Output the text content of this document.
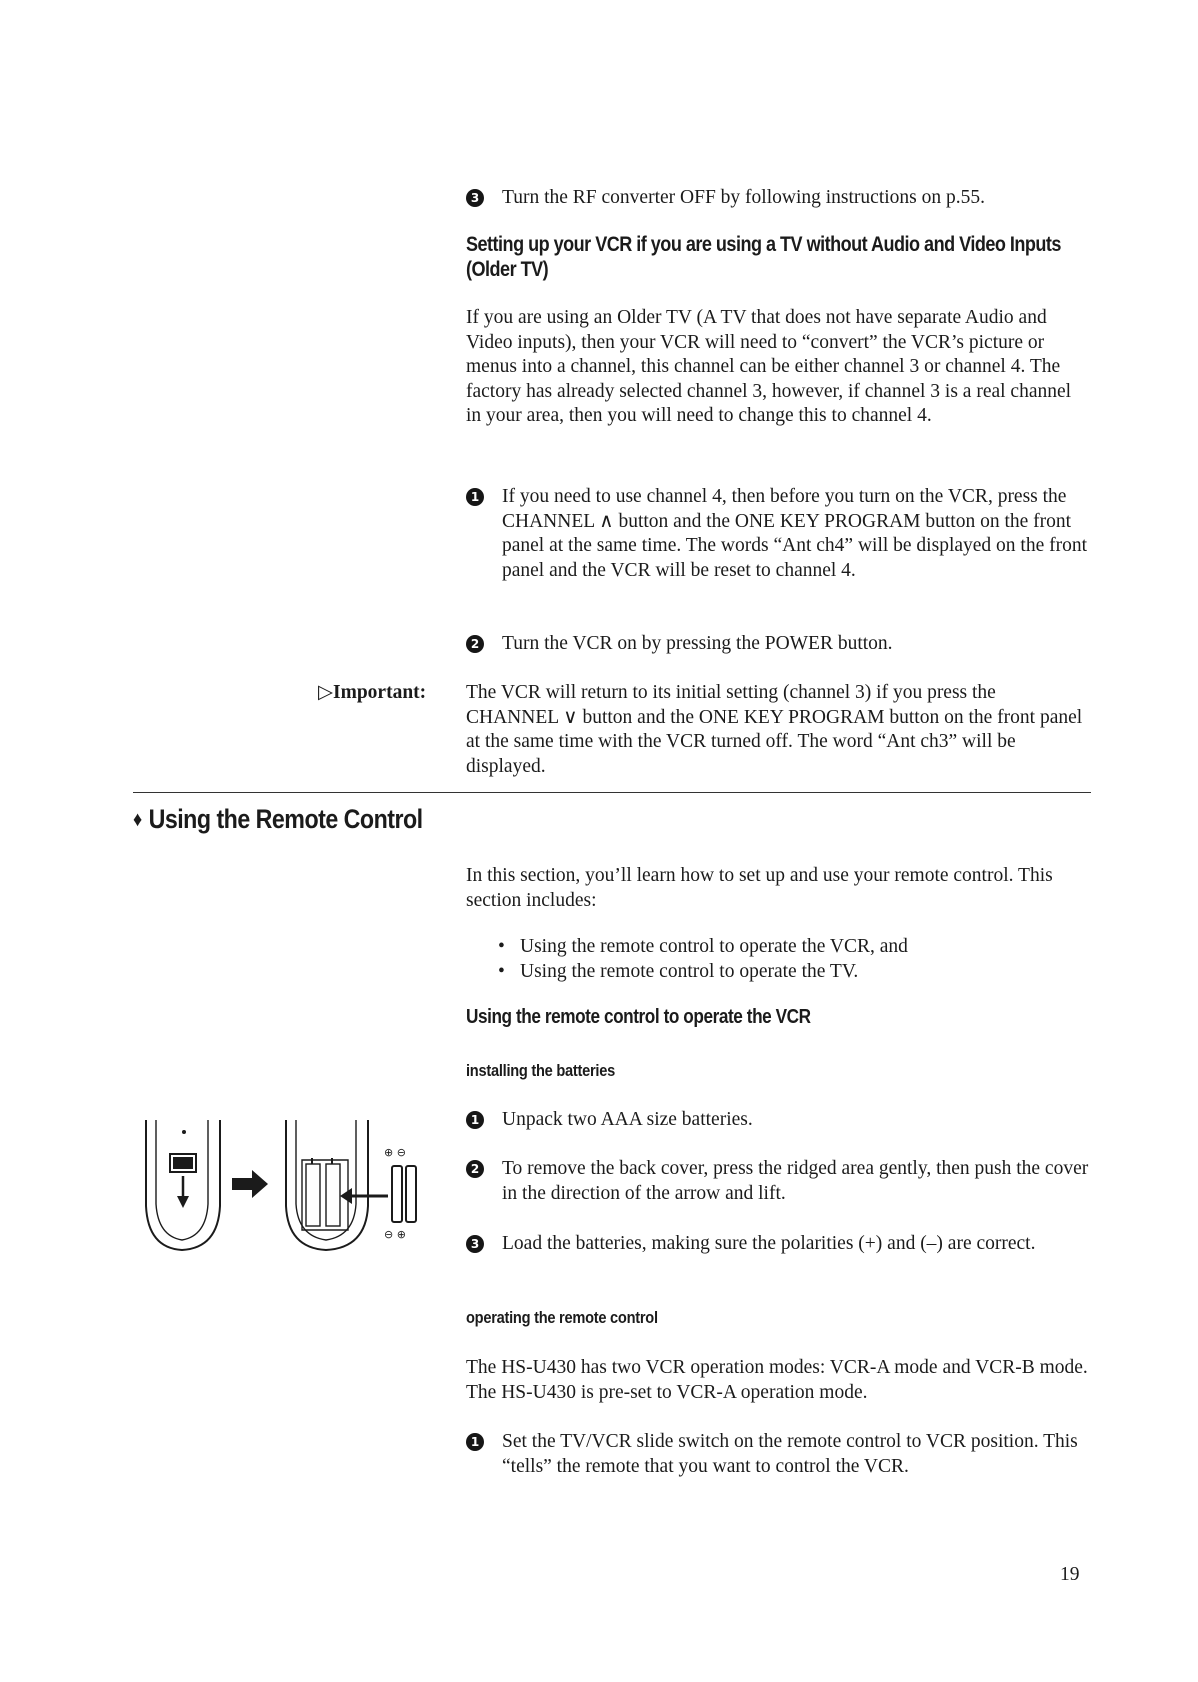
3 Turn the RF converter OFF by following instructions on p.55.
Setting up your VCR if you are using a TV without Audio and Video Inputs (Older TV)
If you are using an Older TV (A TV that does not have separate Audio and Video inputs), then your VCR will need to “convert” the VCR’s picture or menus into a channel, this channel can be either channel 3 or channel 4. The factory has already selected channel 3, however, if channel 3 is a real channel in your area, then you will need to change this to channel 4.
1 If you need to use channel 4, then before you turn on the VCR, press the CHANNEL ∧ button and the ONE KEY PROGRAM button on the front panel at the same time. The words “Ant ch4” will be displayed on the front panel and the VCR will be reset to channel 4.
2 Turn the VCR on by pressing the POWER button.
▷Important: The VCR will return to its initial setting (channel 3) if you press the CHANNEL ∨ button and the ONE KEY PROGRAM button on the front panel at the same time with the VCR turned off. The word “Ant ch3” will be displayed.
♦ Using the Remote Control
In this section, you’ll learn how to set up and use your remote control. This section includes:
• Using the remote control to operate the VCR, and
• Using the remote control to operate the TV.
Using the remote control to operate the VCR
installing the batteries
1 Unpack two AAA size batteries.
2 To remove the back cover, press the ridged area gently, then push the cover in the direction of the arrow and lift.
3 Load the batteries, making sure the polarities (+) and (–) are correct.
⊕ ⊖
⊖ ⊕
operating the remote control
The HS-U430 has two VCR operation modes: VCR-A mode and VCR-B mode. The HS-U430 is pre-set to VCR-A operation mode.
1 Set the TV/VCR slide switch on the remote control to VCR position. This “tells” the remote that you want to control the VCR.
19
